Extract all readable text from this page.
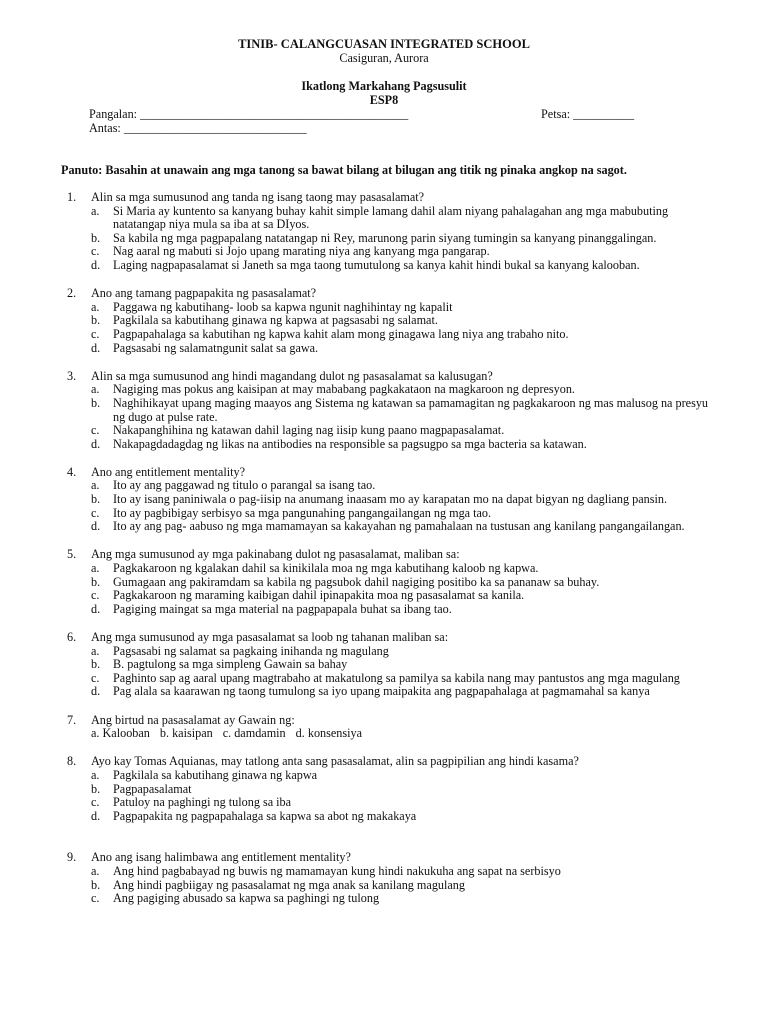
TINIB- CALANGCUASAN INTEGRATED SCHOOL
Casiguran, Aurora
Ikatlong Markahang Pagsusulit
ESP8
Pangalan: ____________________________________________	Petsa: __________
Antas: ______________________________
Panuto: Basahin at unawain ang mga tanong sa bawat bilang at bilugan ang titik ng pinaka angkop na sagot.
1. Alin sa mga sumusunod ang tanda ng isang taong may pasasalamat?
a. Si Maria ay kuntento sa kanyang buhay kahit simple lamang dahil alam niyang pahalagahan ang mga mabubuting natatangap niya mula sa iba at sa DIyos.
b. Sa kabila ng mga pagpapalang natatangap ni Rey, marunong parin siyang tumingin sa kanyang pinanggalingan.
c. Nag aaral ng mabuti si Jojo upang marating niya ang kanyang mga pangarap.
d. Laging nagpapasalamat si Janeth sa mga taong tumutulong sa kanya kahit hindi bukal sa kanyang kalooban.
2. Ano ang tamang pagpapakita ng pasasalamat?
a. Paggawa ng kabutihang- loob sa kapwa ngunit naghihintay ng kapalit
b. Pagkilala sa kabutihang ginawa ng kapwa at pagsasabi ng salamat.
c. Pagpapahalaga sa kabutihan ng kapwa kahit alam mong ginagawa lang niya ang trabaho nito.
d. Pagsasabi ng salamatngunit salat sa gawa.
3. Alin sa mga sumusunod ang hindi magandang dulot ng pasasalamat sa kalusugan?
a. Nagiging mas pokus ang kaisipan at may mababang pagkakataon na magkaroon ng depresyon.
b. Naghihikayat upang maging maayos ang Sistema ng katawan sa pamamagitan ng pagkakaroon ng mas malusog na presyu ng dugo at pulse rate.
c. Nakapanghihina ng katawan dahil laging nag iisip kung paano magpapasalamat.
d. Nakapagdadagdag ng likas na antibodies na responsible sa pagsugpo sa mga bacteria sa katawan.
4. Ano ang entitlement mentality?
a. Ito ay ang paggawad ng titulo o parangal sa isang tao.
b. Ito ay isang paniniwala o pag-iisip na anumang inaasam mo ay karapatan mo na dapat bigyan ng dagliang pansin.
c. Ito ay pagbibigay serbisyo sa mga pangunahing pangangailangan ng mga tao.
d. Ito ay ang pag- aabuso ng mga mamamayan sa kakayahan ng pamahalaan na tustusan ang kanilang pangangailangan.
5. Ang mga sumusunod ay mga pakinabang dulot ng pasasalamat, maliban sa:
a. Pagkakaroon ng kgalakan dahil sa kinikilala moa ng mga kabutihang kaloob ng kapwa.
b. Gumagaan ang pakiramdam sa kabila ng pagsubok dahil nagiging positibo ka sa pananaw sa buhay.
c. Pagkakaroon ng maraming kaibigan dahil ipinapakita moa ng pasasalamat sa kanila.
d. Pagiging maingat sa mga material na pagpapapala buhat sa ibang tao.
6. Ang mga sumusunod ay mga pasasalamat sa loob ng tahanan maliban sa:
a. Pagsasabi ng salamat sa pagkaing inihanda ng magulang
b. B. pagtulong sa mga simpleng Gawain sa bahay
c. Paghinto sap ag aaral upang magtrabaho at makatulong sa pamilya sa kabila nang may pantustos ang mga magulang
d. Pag alala sa kaarawan ng taong tumulong sa iyo upang maipakita ang pagpapahalaga at pagmamahal sa kanya
7. Ang birtud na pasasalamat ay Gawain ng:
a. Kalooban b. kaisipan c. damdamin d. konsensiya
8. Ayo kay Tomas Aquianas, may tatlong anta sang pasasalamat, alin sa pagpipilian ang hindi kasama?
a. Pagkilala sa kabutihang ginawa ng kapwa
b. Pagpapasalamat
c. Patuloy na paghingi ng tulong sa iba
d. Pagpapakita ng pagpapahalaga sa kapwa sa abot ng makakaya
9. Ano ang isang halimbawa ang entitlement mentality?
a. Ang hind pagbabayad ng buwis ng mamamayan kung hindi nakukuha ang sapat na serbisyo
b. Ang hindi pagbiigay ng pasasalamat ng mga anak sa kanilang magulang
c. Ang pagiging abusado sa kapwa sa paghingi ng tulong
